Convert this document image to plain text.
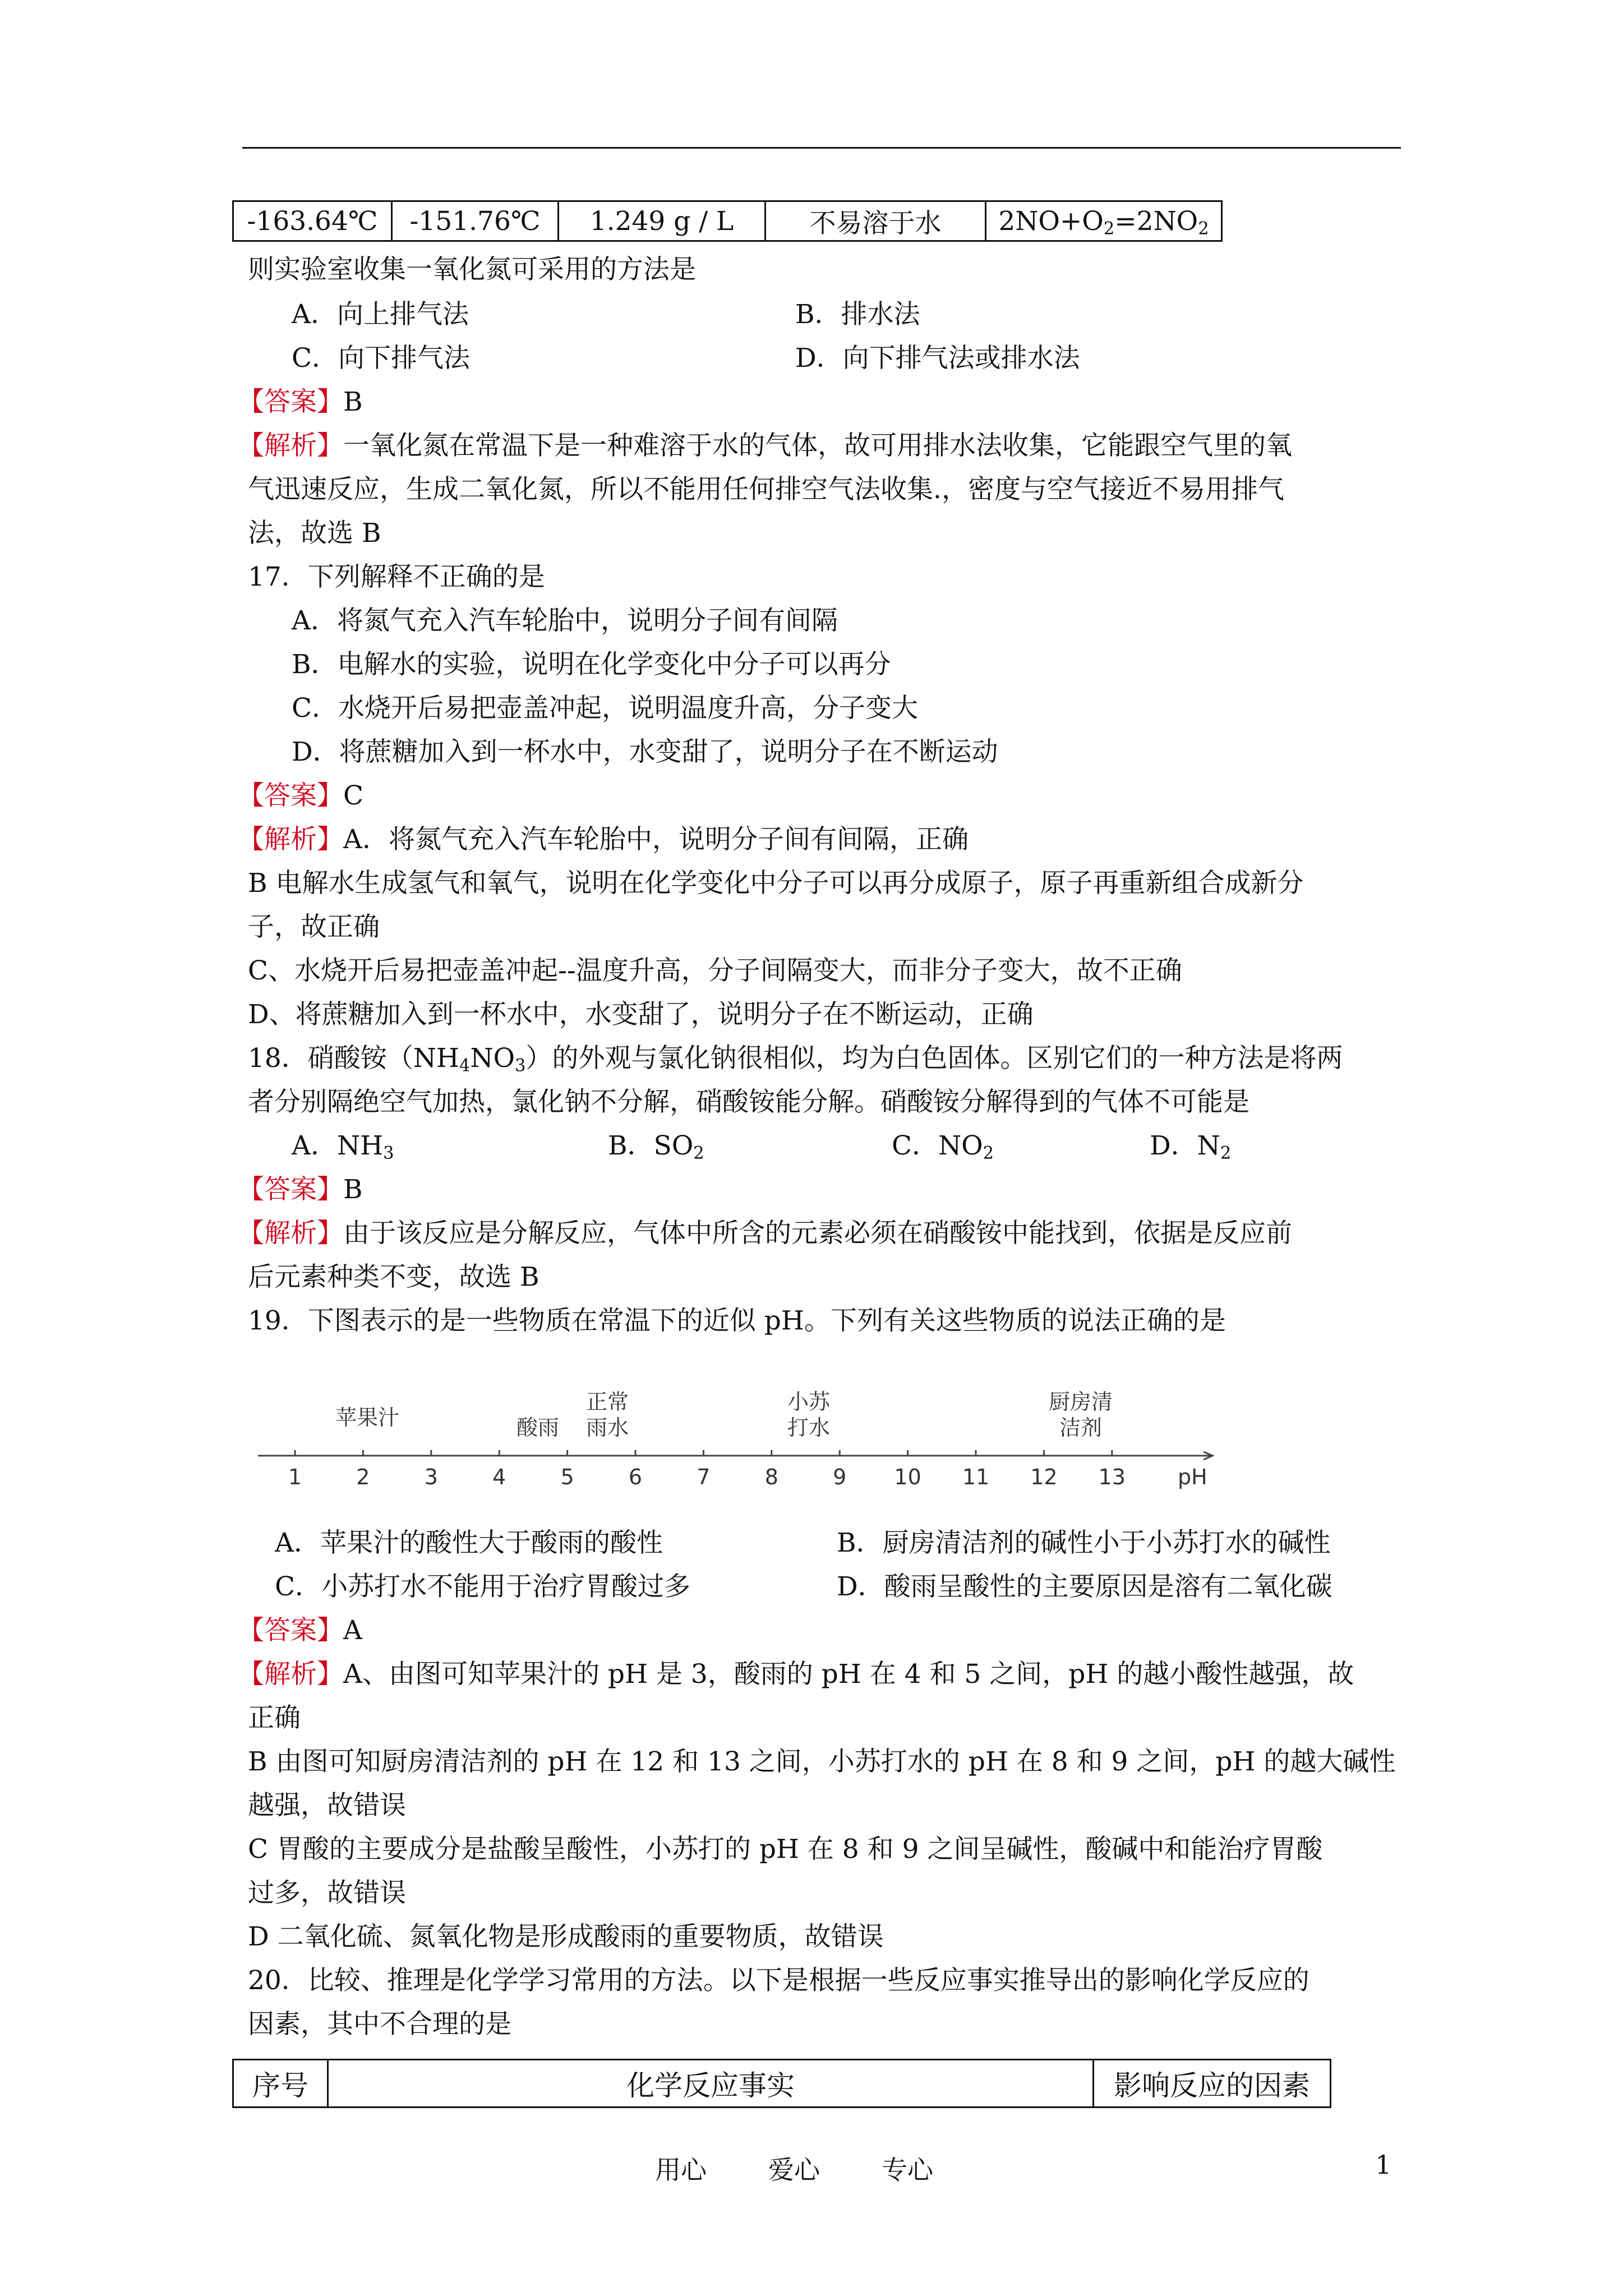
-163.64℃	-151.76℃	1.249 g / L	不易溶于水	$2NO+O_2=2NO_2$
则实验室收集一氧化氮可采用的方法是
A．向上排气法	B．排水法
C．向下排气法	D．向下排气法或排水法
【答案】B
【解析】一氧化氮在常温下是一种难溶于水的气体，故可用排水法收集，它能跟空气里的氧
气迅速反应，生成二氧化氮，所以不能用任何排空气法收集.，密度与空气接近不易用排气
法，故选 B
17．下列解释不正确的是
A．将氮气充入汽车轮胎中，说明分子间有间隔
B．电解水的实验，说明在化学变化中分子可以再分
C．水烧开后易把壶盖冲起，说明温度升高，分子变大
D．将蔗糖加入到一杯水中，水变甜了，说明分子在不断运动
【答案】C
【解析】A．将氮气充入汽车轮胎中，说明分子间有间隔，正确
B 电解水生成氢气和氧气，说明在化学变化中分子可以再分成原子，原子再重新组合成新分
子，故正确
C、水烧开后易把壶盖冲起--温度升高，分子间隔变大，而非分子变大，故不正确
D、将蔗糖加入到一杯水中，水变甜了，说明分子在不断运动，正确
18．硝酸铵$(NH_4NO_3)$的外观与氯化钠很相似，均为白色固体。区别它们的一种方法是将两
者分别隔绝空气加热，氯化钠不分解，硝酸铵能分解。硝酸铵分解得到的气体不可能是
A．$NH_3$	B．$SO_2$	C．$NO_2$	D．$N_2$
【答案】B
【解析】由于该反应是分解反应，气体中所含的元素必须在硝酸铵中能找到，依据是反应前
后元素种类不变，故选 B
19．下图表示的是一些物质在常温下的近似 pH。下列有关这些物质的说法正确的是
1	2	3	4	5	6	7	8	9 10 11 12 13 pH
苹果汁	酸雨
正常
雨水
小苏
打水
厨房清
洁剂
A．苹果汁的酸性大于酸雨的酸性	B．厨房清洁剂的碱性小于小苏打水的碱性
C．小苏打水不能用于治疗胃酸过多	D．酸雨呈酸性的主要原因是溶有二氧化碳
【答案】A
【解析】A、由图可知苹果汁的 pH 是 3，酸雨的 pH 在 4 和 5 之间，pH 的越小酸性越强，故
正确
B 由图可知厨房清洁剂的 pH 在 12 和 13 之间，小苏打水的 pH 在 8 和 9 之间，pH 的越大碱性
越强，故错误
C 胃酸的主要成分是盐酸呈酸性，小苏打的 pH 在 8 和 9 之间呈碱性，酸碱中和能治疗胃酸
过多，故错误
D 二氧化硫、氮氧化物是形成酸雨的重要物质，故错误
20．比较、推理是化学学习常用的方法。以下是根据一些反应事实推导出的影响化学反应的
因素，其中不合理的是
序号	化学反应事实	影响反应的因素
用心 爱心 专心	1
